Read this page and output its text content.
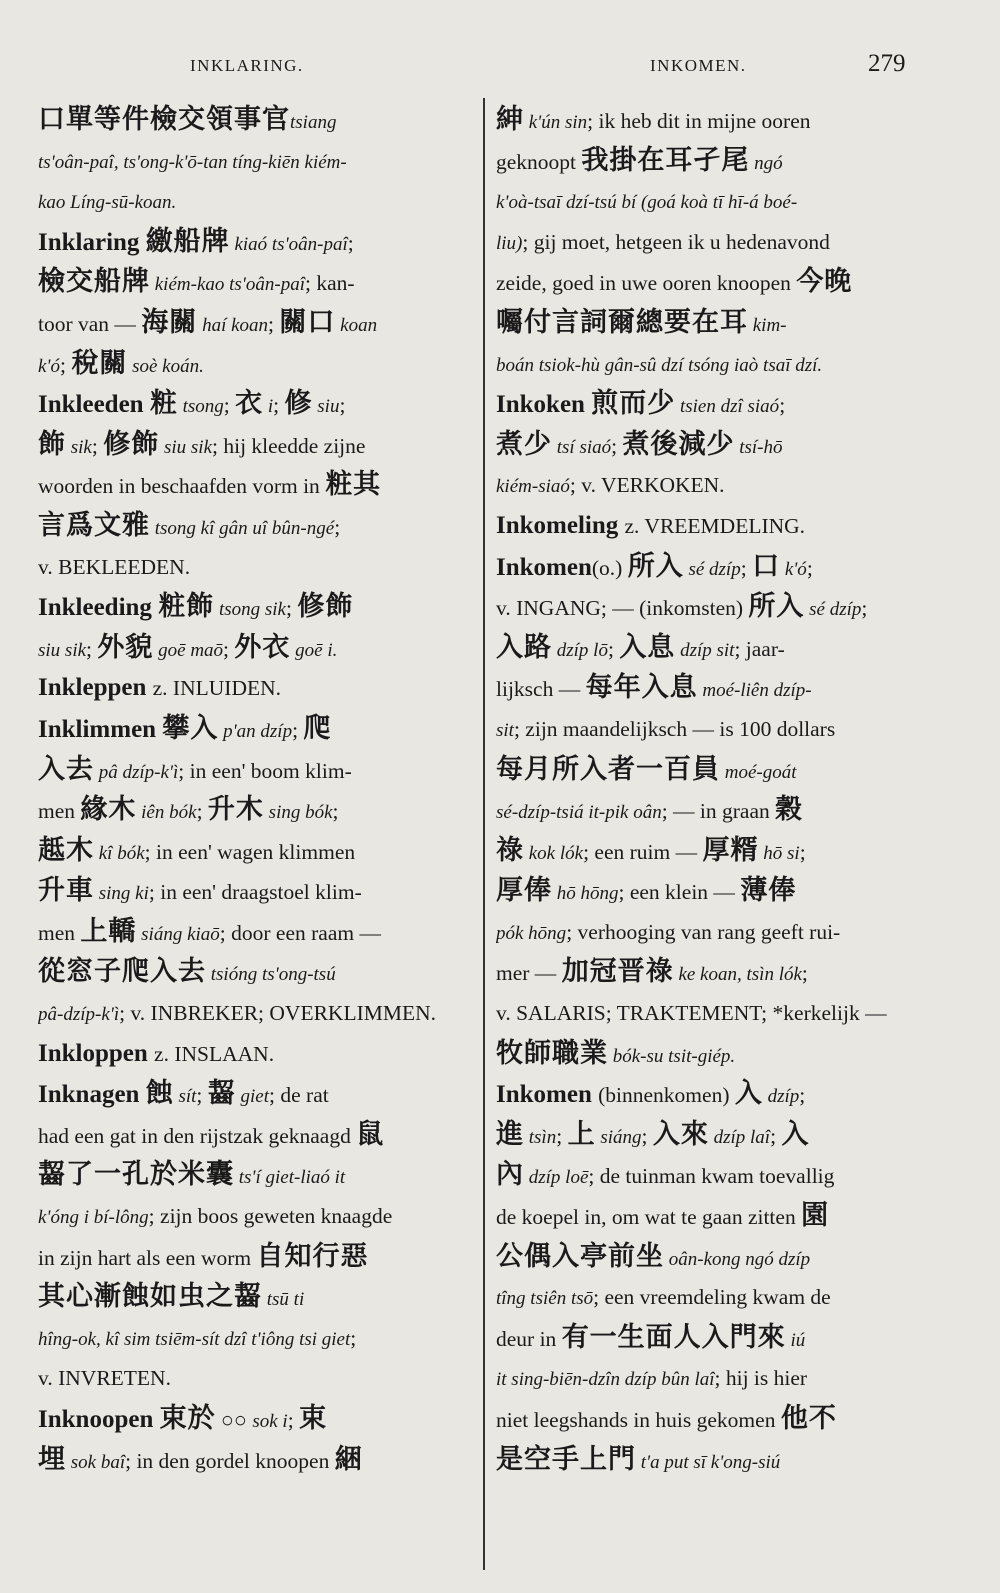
INKLARING.	INKOMEN.	279
口單等件檢交領事官tsiang
ts'oân-paî, ts'ong-k'ō-tan tíng-kiēn kiém-
kao Líng-sū-koan.
Inklaring 繳船牌 kiaó ts'oân-paî;
檢交船牌 kiém-kao ts'oân-paî; kan-
toor van — 海關 haí koan; 關口 koan
k'ó; 稅關 soè koán.
Inkleeden 粧 tsong; 衣 i; 修 siu;
飾 sik; 修飾 siu sik; hij kleedde zijne
woorden in beschaafden vorm in 粧其
言爲文雅 tsong kî gân uî bûn-ngé;
v. BEKLEEDEN.
Inkleeding 粧飾 tsong sik; 修飾
siu sik; 外貌 goē maō; 外衣 goē i.
Inkleppen z. INLUIDEN.
Inklimmen 攀入 p'an dzíp; 爬
入去 pâ dzíp-k'ì; in een' boom klim-
men 緣木 iên bók; 升木 sing bók;
趆木 kî bók; in een' wagen klimmen
升車 sing ki; in een' draagstoel klim-
men 上轎 siáng kiaō; door een raam —
從窓子爬入去 tsióng ts'ong-tsú
pâ-dzíp-k'ì; v. INBREKER; OVERKLIMMEN.
Inkloppen z. INSLAAN.
Inknagen 蝕 sít; 齧 giet; de rat
had een gat in den rijstzak geknaagd 鼠
齧了一孔於米囊 ts'í giet-liaó it
k'óng i bí-lông; zijn boos geweten knaagde
in zijn hart als een worm 自知行惡
其心漸蝕如虫之齧 tsū ti
hîng-ok, kî sim tsiēm-sít dzî t'iông tsi giet;
v. INVRETEN.
Inknoopen 束於 ○○ sok i; 束
埋 sok baî; in den gordel knoopen 綑
紳 k'ún sin; ik heb dit in mijne ooren
geknoopt 我掛在耳孑尾 ngó
k'oà-tsaī dzí-tsú bí (goá koà tī hī-á boé-
liu); gij moet, hetgeen ik u hedenavond
zeide, goed in uwe ooren knoopen 今晚
囑付言詞爾總要在耳 kim-
boán tsiok-hù gân-sû dzí tsóng iaò tsaī dzí.
Inkoken 煎而少 tsien dzî siaó;
煮少 tsí siaó; 煮後減少 tsí-hō
kiém-siaó; v. VERKOKEN.
Inkomeling z. VREEMDELING.
Inkomen(o.) 所入 sé dzíp; 口 k'ó;
v. INGANG; — (inkomsten) 所入 sé dzíp;
入路 dzíp lō; 入息 dzíp sit; jaar-
lijksch — 每年入息 moé-liên dzíp-
sit; zijn maandelijksch — is 100 dollars
每月所入者一百員 moé-goát
sé-dzíp-tsiá it-pik oân; — in graan 穀
祿 kok lók; een ruim — 厚糈 hō si;
厚俸 hō hōng; een klein — 薄俸
pók hōng; verhooging van rang geeft rui-
mer — 加冠晋祿 ke koan, tsìn lók;
v. SALARIS; TRAKTEMENT; *kerkelijk —
牧師職業 bók-su tsit-giép.
Inkomen (binnenkomen) 入 dzíp;
進 tsìn; 上 siáng; 入來 dzíp laî; 入
內 dzíp loē; de tuinman kwam toevallig
de koepel in, om wat te gaan zitten 園
公偶入亭前坐 oân-kong ngó dzíp
tîng tsiên tsō; een vreemdeling kwam de
deur in 有一生面人入門來 iú
it sing-biēn-dzîn dzíp bûn laî; hij is hier
niet leegshands in huis gekomen 他不
是空手上門 t'a put sī k'ong-siú
